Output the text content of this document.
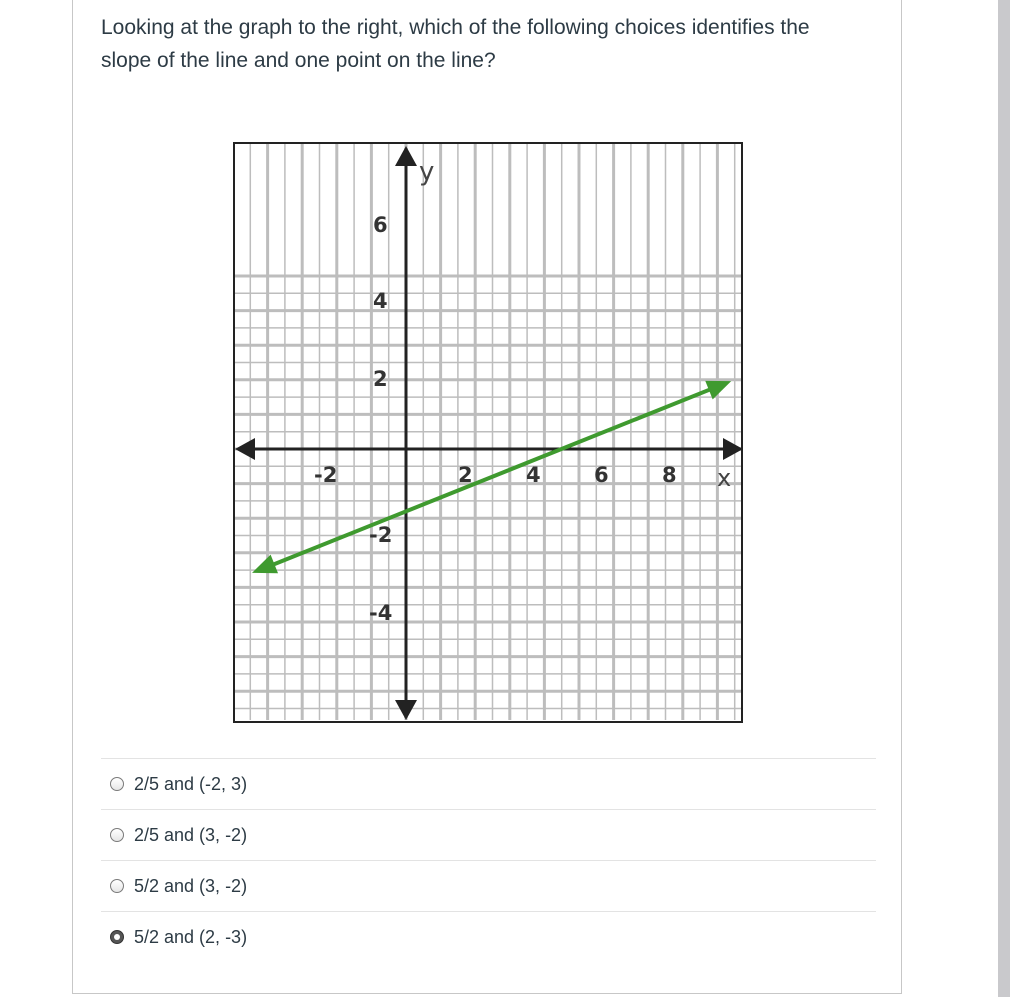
Looking at the graph to the right, which of the following choices identifies the slope of the line and one point on the line?

y
x
-2	2	4	6	8
6
4
2
-2
-4
2/5 and (-2, 3)
2/5 and (3, -2)
5/2 and (3, -2)
5/2 and (2, -3)
